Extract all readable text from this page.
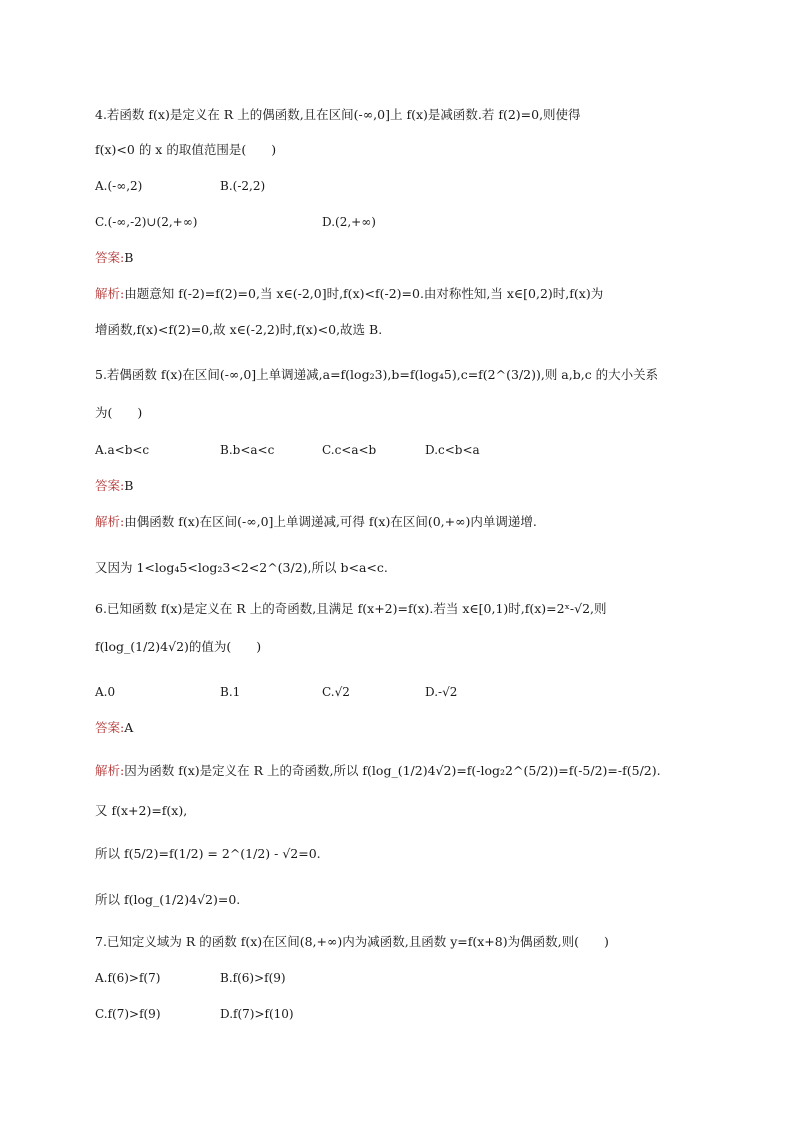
4.若函数 f(x)是定义在 R 上的偶函数,且在区间(-∞,0]上 f(x)是减函数.若 f(2)=0,则使得

f(x)<0 的 x 的取值范围是(　　)

A.(-∞,2)	B.(-2,2)

C.(-∞,-2)∪(2,+∞)	D.(2,+∞)

答案:B

解析:由题意知 f(-2)=f(2)=0,当 x∈(-2,0]时,f(x)<f(-2)=0.由对称性知,当 x∈[0,2)时,f(x)为

增函数,f(x)<f(2)=0,故 x∈(-2,2)时,f(x)<0,故选 B.

5.若偶函数 f(x)在区间(-∞,0]上单调递减,a=f(log₂3),b=f(log₄5),c=f(2^(3/2)),则 a,b,c 的大小关系

为(　　)

A.a<b<c	B.b<a<c	C.c<a<b	D.c<b<a

答案:B

解析:由偶函数 f(x)在区间(-∞,0]上单调递减,可得 f(x)在区间(0,+∞)内单调递增.

又因为 1<log₄5<log₂3<2<2^(3/2),所以 b<a<c.

6.已知函数 f(x)是定义在 R 上的奇函数,且满足 f(x+2)=f(x).若当 x∈[0,1)时,f(x)=2ˣ-√2,则

f(log_(1/2)4√2)的值为(　　)

A.0	B.1	C.√2	D.-√2

答案:A

解析:因为函数 f(x)是定义在 R 上的奇函数,所以 f(log_(1/2)4√2)=f(-log₂2^(5/2))=f(-5/2)=-f(5/2).

又 f(x+2)=f(x),

所以 f(5/2)=f(1/2) = 2^(1/2) - √2=0.

所以 f(log_(1/2)4√2)=0.

7.已知定义域为 R 的函数 f(x)在区间(8,+∞)内为减函数,且函数 y=f(x+8)为偶函数,则(　　)

A.f(6)>f(7)	B.f(6)>f(9)

C.f(7)>f(9)	D.f(7)>f(10)
